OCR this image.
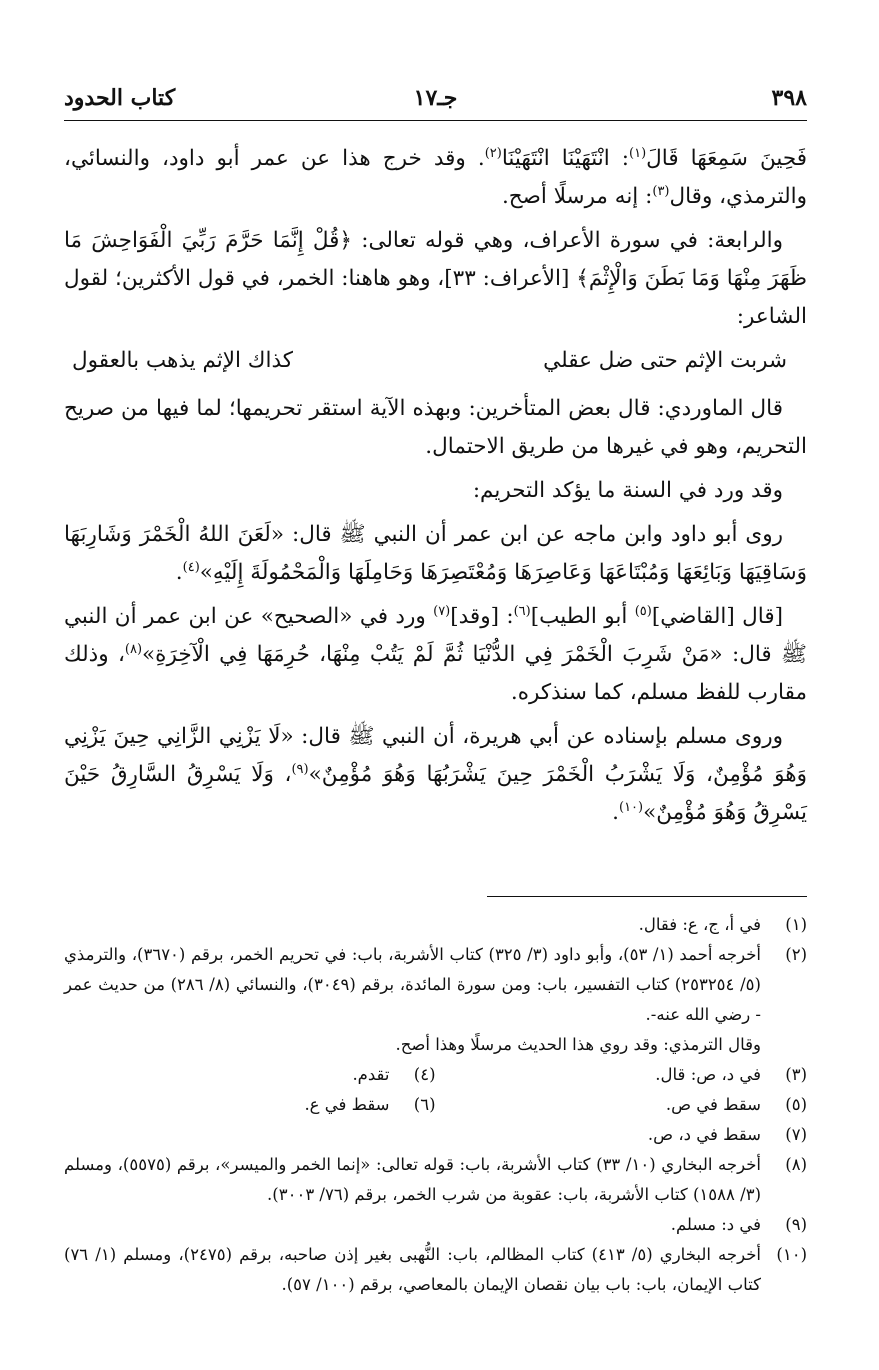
٣٩٨
جـ١٧
كتاب الحدود

فَحِينَ سَمِعَهَا قَالَ$^{(١)}$: انْتَهَيْنَا انْتَهَيْنَا$^{(٢)}$. وقد خرج هذا عن عمر أبو داود، والنسائي، والترمذي، وقال$^{(٣)}$: إنه مرسلًا أصح.

والرابعة: في سورة الأعراف، وهي قوله تعالى: ﴿قُلْ إِنَّمَا حَرَّمَ رَبِّيَ الْفَوَاحِشَ مَا ظَهَرَ مِنْهَا وَمَا بَطَنَ وَالْإِثْمَ﴾ [الأعراف: ٣٣]، وهو هاهنا: الخمر، في قول الأكثرين؛ لقول الشاعر:

شربت الإثم حتى ضل عقلي
كذاك الإثم يذهب بالعقول

قال الماوردي: قال بعض المتأخرين: وبهذه الآية استقر تحريمها؛ لما فيها من صريح التحريم، وهو في غيرها من طريق الاحتمال.

وقد ورد في السنة ما يؤكد التحريم:

روى أبو داود وابن ماجه عن ابن عمر أن النبي ﷺ قال: «لَعَنَ اللهُ الْخَمْرَ وَشَارِبَهَا وَسَاقِيَهَا وَبَائِعَهَا وَمُبْتَاعَهَا وَعَاصِرَهَا وَمُعْتَصِرَهَا وَحَامِلَهَا وَالْمَحْمُولَةَ إِلَيْهِ»$^{(٤)}$.

[قال [القاضي]$^{(٥)}$ أبو الطيب]$^{(٦)}$: [وقد]$^{(٧)}$ ورد في «الصحيح» عن ابن عمر أن النبي ﷺ قال: «مَنْ شَرِبَ الْخَمْرَ فِي الدُّنْيَا ثُمَّ لَمْ يَتُبْ مِنْهَا، حُرِمَهَا فِي الْآخِرَةِ»$^{(٨)}$، وذلك مقارب للفظ مسلم، كما سنذكره.

وروى مسلم بإسناده عن أبي هريرة، أن النبي ﷺ قال: «لَا يَزْنِي الزَّانِي حِينَ يَزْنِي وَهُوَ مُؤْمِنٌ، وَلَا يَشْرَبُ الْخَمْرَ حِينَ يَشْرَبُهَا وَهُوَ مُؤْمِنٌ»$^{(٩)}$، وَلَا يَسْرِقُ السَّارِقُ حَيْنَ يَسْرِقُ وَهُوَ مُؤْمِنٌ»$^{(١٠)}$.

(١)
في أ، ج، ع: فقال.
(٢)
أخرجه أحمد (١/ ٥٣)، وأبو داود (٣/ ٣٢٥) كتاب الأشربة، باب: في تحريم الخمر، برقم (٣٦٧٠)، والترمذي (٥/ ٢٥٣٢٥٤) كتاب التفسير، باب: ومن سورة المائدة، برقم (٣٠٤٩)، والنسائي (٨/ ٢٨٦) من حديث عمر - رضي الله عنه-.
وقال الترمذي: وقد روي هذا الحديث مرسلًا وهذا أصح.
(٣)
في د، ص: قال.
(٤)
تقدم.
(٥)
سقط في ص.
(٦)
سقط في ع.
(٧)
سقط في د، ص.
(٨)
أخرجه البخاري (١٠/ ٣٣) كتاب الأشربة، باب: قوله تعالى: «إنما الخمر والميسر»، برقم (٥٥٧٥)، ومسلم (٣/ ١٥٨٨) كتاب الأشربة، باب: عقوبة من شرب الخمر، برقم (٧٦/ ٣٠٠٣).
(٩)
في د: مسلم.
(١٠)
أخرجه البخاري (٥/ ٤١٣) كتاب المظالم، باب: النُّهبى بغير إذن صاحبه، برقم (٢٤٧٥)، ومسلم (١/ ٧٦) كتاب الإيمان، باب: باب بيان نقصان الإيمان بالمعاصي، برقم (١٠٠/ ٥٧).
